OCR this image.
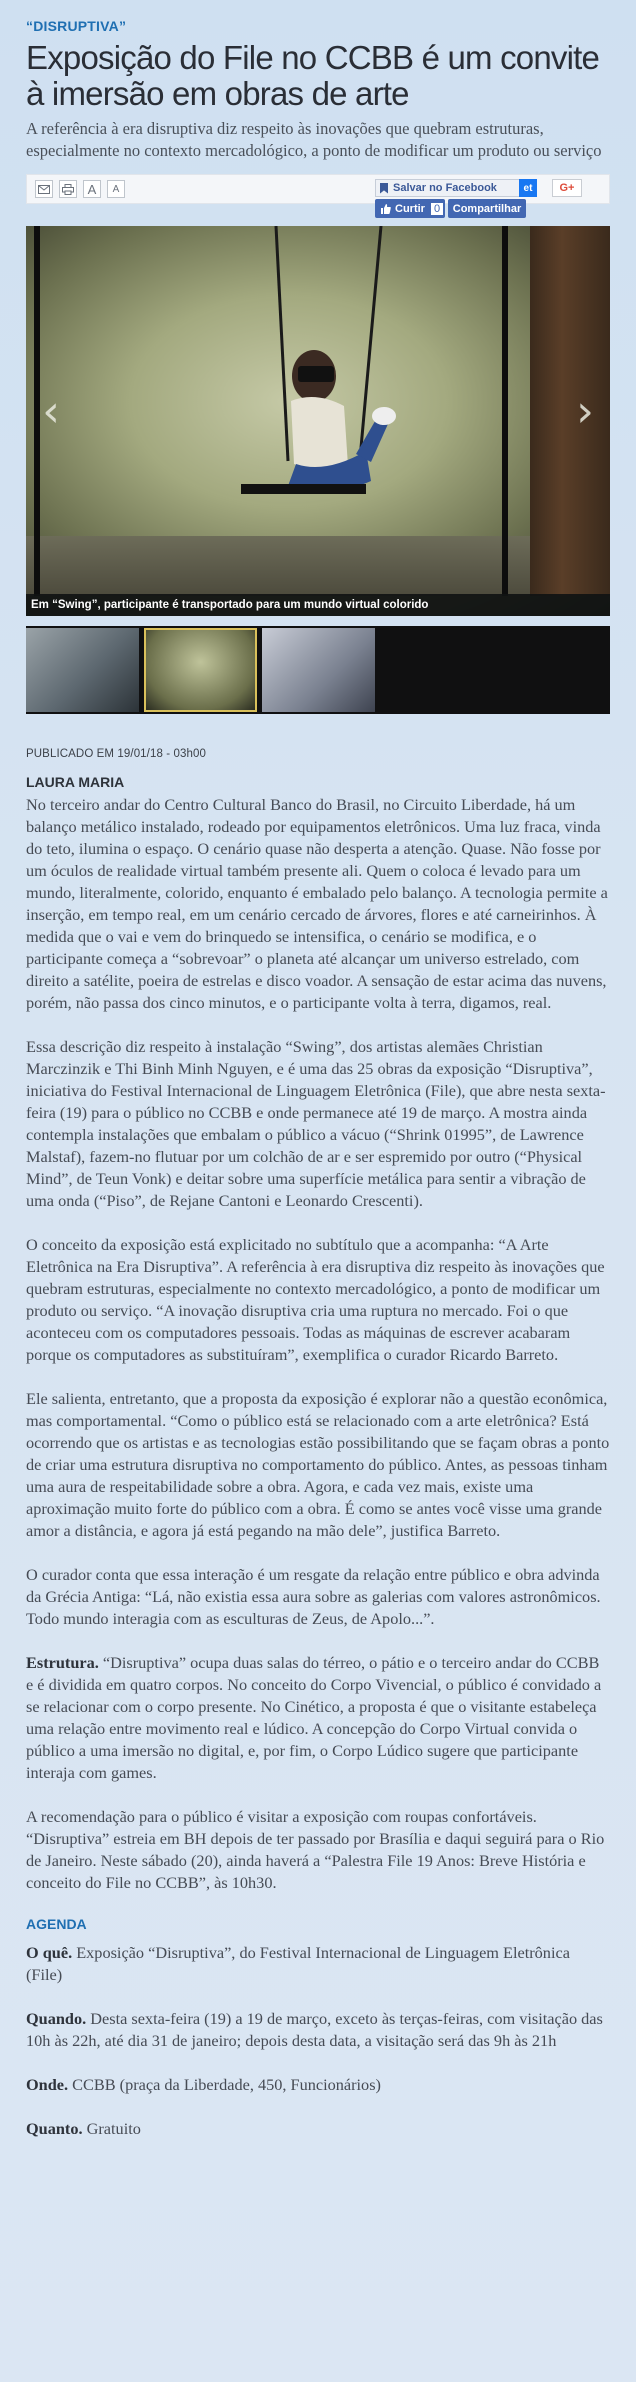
“DISRUPTIVA”
Exposição do File no CCBB é um convite à imersão em obras de arte
A referência à era disruptiva diz respeito às inovações que quebram estruturas, especialmente no contexto mercadológico, a ponto de modificar um produto ou serviço
A	A	Salvar no Facebook	et	G+
Curtir 0	Compartilhar
‹	›
Em “Swing”, participante é transportado para um mundo virtual colorido
PUBLICADO EM 19/01/18 - 03h00
LAURA MARIA

No terceiro andar do Centro Cultural Banco do Brasil, no Circuito Liberdade, há um balanço metálico instalado, rodeado por equipamentos eletrônicos. Uma luz fraca, vinda do teto, ilumina o espaço. O cenário quase não desperta a atenção. Quase. Não fosse por um óculos de realidade virtual também presente ali. Quem o coloca é levado para um mundo, literalmente, colorido, enquanto é embalado pelo balanço. A tecnologia permite a inserção, em tempo real, em um cenário cercado de árvores, flores e até carneirinhos. À medida que o vai e vem do brinquedo se intensifica, o cenário se modifica, e o participante começa a “sobrevoar” o planeta até alcançar um universo estrelado, com direito a satélite, poeira de estrelas e disco voador. A sensação de estar acima das nuvens, porém, não passa dos cinco minutos, e o participante volta à terra, digamos, real.

Essa descrição diz respeito à instalação “Swing”, dos artistas alemães Christian Marczinzik e Thi Binh Minh Nguyen, e é uma das 25 obras da exposição “Disruptiva”, iniciativa do Festival Internacional de Linguagem Eletrônica (File), que abre nesta sexta-feira (19) para o público no CCBB e onde permanece até 19 de março. A mostra ainda contempla instalações que embalam o público a vácuo (“Shrink 01995”, de Lawrence Malstaf), fazem-no flutuar por um colchão de ar e ser espremido por outro (“Physical Mind”, de Teun Vonk) e deitar sobre uma superfície metálica para sentir a vibração de uma onda (“Piso”, de Rejane Cantoni e Leonardo Crescenti).

O conceito da exposição está explicitado no subtítulo que a acompanha: “A Arte Eletrônica na Era Disruptiva”. A referência à era disruptiva diz respeito às inovações que quebram estruturas, especialmente no contexto mercadológico, a ponto de modificar um produto ou serviço. “A inovação disruptiva cria uma ruptura no mercado. Foi o que aconteceu com os computadores pessoais. Todas as máquinas de escrever acabaram porque os computadores as substituíram”, exemplifica o curador Ricardo Barreto.

Ele salienta, entretanto, que a proposta da exposição é explorar não a questão econômica, mas comportamental. “Como o público está se relacionado com a arte eletrônica? Está ocorrendo que os artistas e as tecnologias estão possibilitando que se façam obras a ponto de criar uma estrutura disruptiva no comportamento do público. Antes, as pessoas tinham uma aura de respeitabilidade sobre a obra. Agora, e cada vez mais, existe uma aproximação muito forte do público com a obra. É como se antes você visse uma grande amor a distância, e agora já está pegando na mão dele”, justifica Barreto.

O curador conta que essa interação é um resgate da relação entre público e obra advinda da Grécia Antiga: “Lá, não existia essa aura sobre as galerias com valores astronômicos. Todo mundo interagia com as esculturas de Zeus, de Apolo...”.

Estrutura. “Disruptiva” ocupa duas salas do térreo, o pátio e o terceiro andar do CCBB e é dividida em quatro corpos. No conceito do Corpo Vivencial, o público é convidado a se relacionar com o corpo presente. No Cinético, a proposta é que o visitante estabeleça uma relação entre movimento real e lúdico. A concepção do Corpo Virtual convida o público a uma imersão no digital, e, por fim, o Corpo Lúdico sugere que participante interaja com games.

A recomendação para o público é visitar a exposição com roupas confortáveis. “Disruptiva” estreia em BH depois de ter passado por Brasília e daqui seguirá para o Rio de Janeiro. Neste sábado (20), ainda haverá a “Palestra File 19 Anos: Breve História e conceito do File no CCBB”, às 10h30.

AGENDA

O quê. Exposição “Disruptiva”, do Festival Internacional de Linguagem Eletrônica (File)

Quando. Desta sexta-feira (19) a 19 de março, exceto às terças-feiras, com visitação das 10h às 22h, até dia 31 de janeiro; depois desta data, a visitação será das 9h às 21h

Onde. CCBB (praça da Liberdade, 450, Funcionários)

Quanto. Gratuito
